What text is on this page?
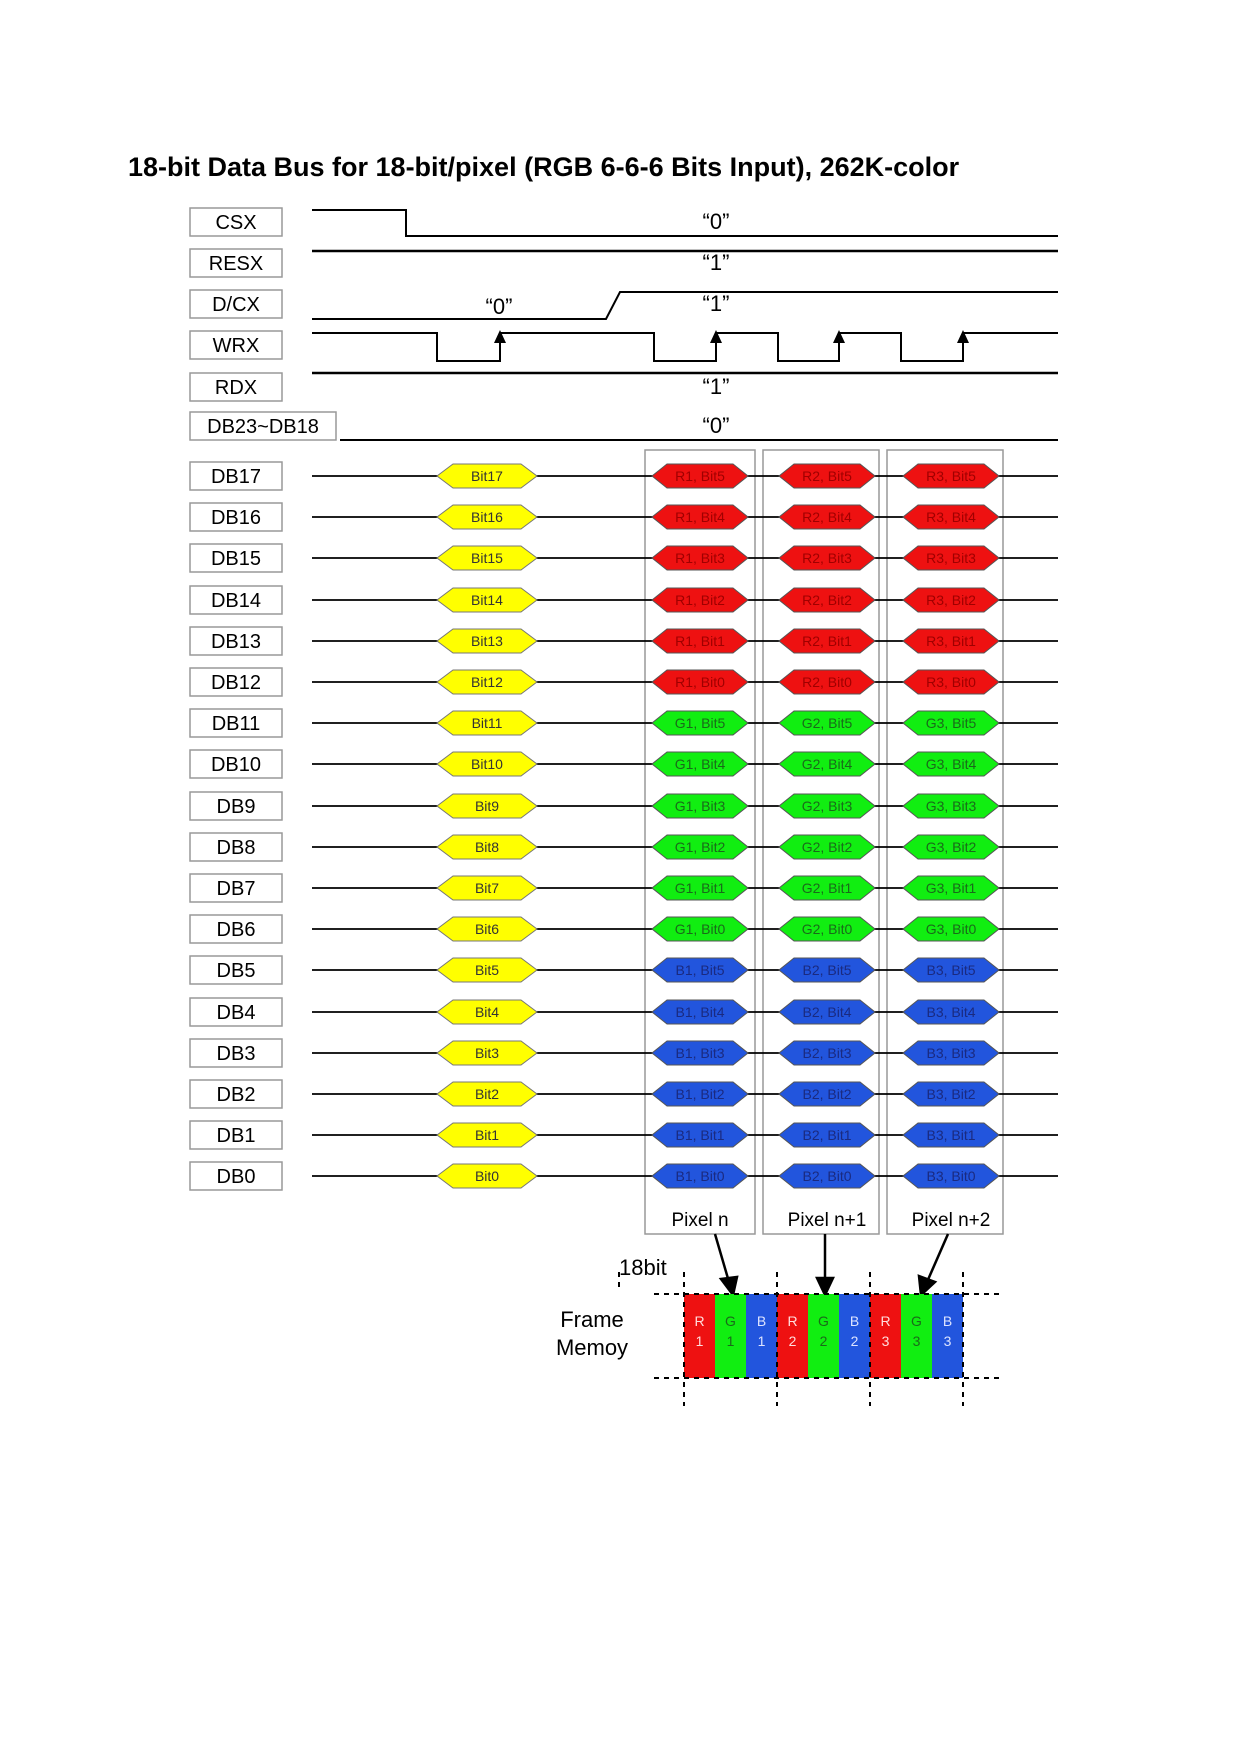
18-bit Data Bus for 18-bit/pixel (RGB 6-6-6 Bits Input), 262K-color
CSX
RESX
D/CX
WRX
RDX
DB23~DB18
“0”
“1”
“0”	“1”
“1”
“0”
Pixel n	Pixel n+1 Pixel n+2
DB17	Bit17	R1, Bit5	R2, Bit5	R3, Bit5
DB16	Bit16	R1, Bit4	R2, Bit4	R3, Bit4
DB15	Bit15	R1, Bit3	R2, Bit3	R3, Bit3
DB14	Bit14	R1, Bit2	R2, Bit2	R3, Bit2
DB13	Bit13	R1, Bit1	R2, Bit1	R3, Bit1
DB12	Bit12	R1, Bit0	R2, Bit0	R3, Bit0
DB11	Bit11	G1, Bit5	G2, Bit5	G3, Bit5
DB10	Bit10	G1, Bit4	G2, Bit4	G3, Bit4
DB9	Bit9	G1, Bit3	G2, Bit3	G3, Bit3
DB8	Bit8	G1, Bit2	G2, Bit2	G3, Bit2
DB7	Bit7	G1, Bit1	G2, Bit1	G3, Bit1
DB6	Bit6	G1, Bit0	G2, Bit0	G3, Bit0
DB5	Bit5	B1, Bit5	B2, Bit5	B3, Bit5
DB4	Bit4	B1, Bit4	B2, Bit4	B3, Bit4
DB3	Bit3	B1, Bit3	B2, Bit3	B3, Bit3
DB2	Bit2	B1, Bit2	B2, Bit2	B3, Bit2
DB1	Bit1	B1, Bit1	B2, Bit1	B3, Bit1
DB0	Bit0	B1, Bit0	B2, Bit0	B3, Bit0
18bit
Frame
Memoy
R
1
G
1
B
1
R
2
G
2
B
2
R
3
G
3
B
3
